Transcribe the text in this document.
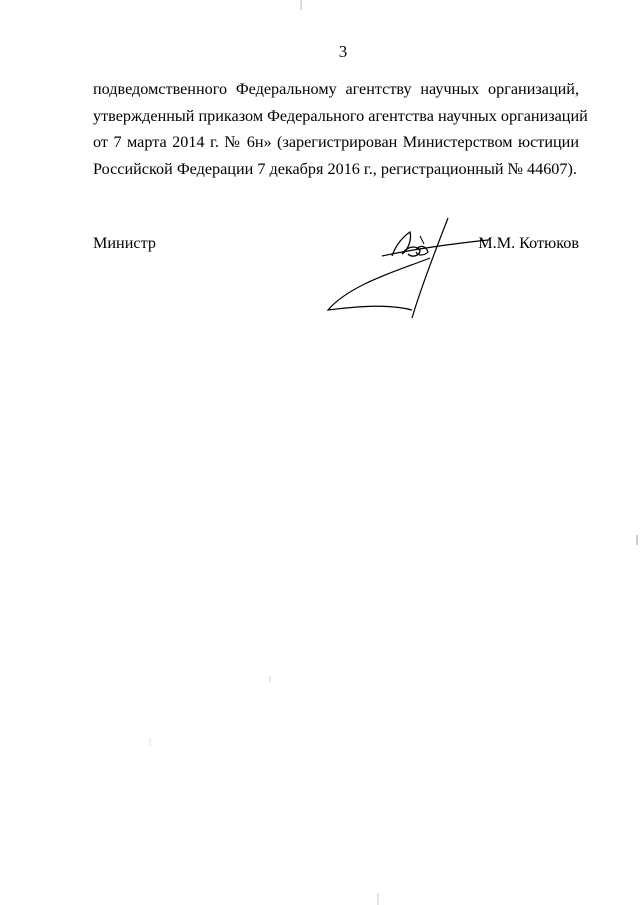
3
подведомственного Федеральному агентству научных организаций,
утвержденный приказом Федерального агентства научных организаций
от 7 марта 2014 г. № 6н» (зарегистрирован Министерством юстиции
Российской Федерации 7 декабря 2016 г., регистрационный № 44607).
Министр	М.М. Котюков
